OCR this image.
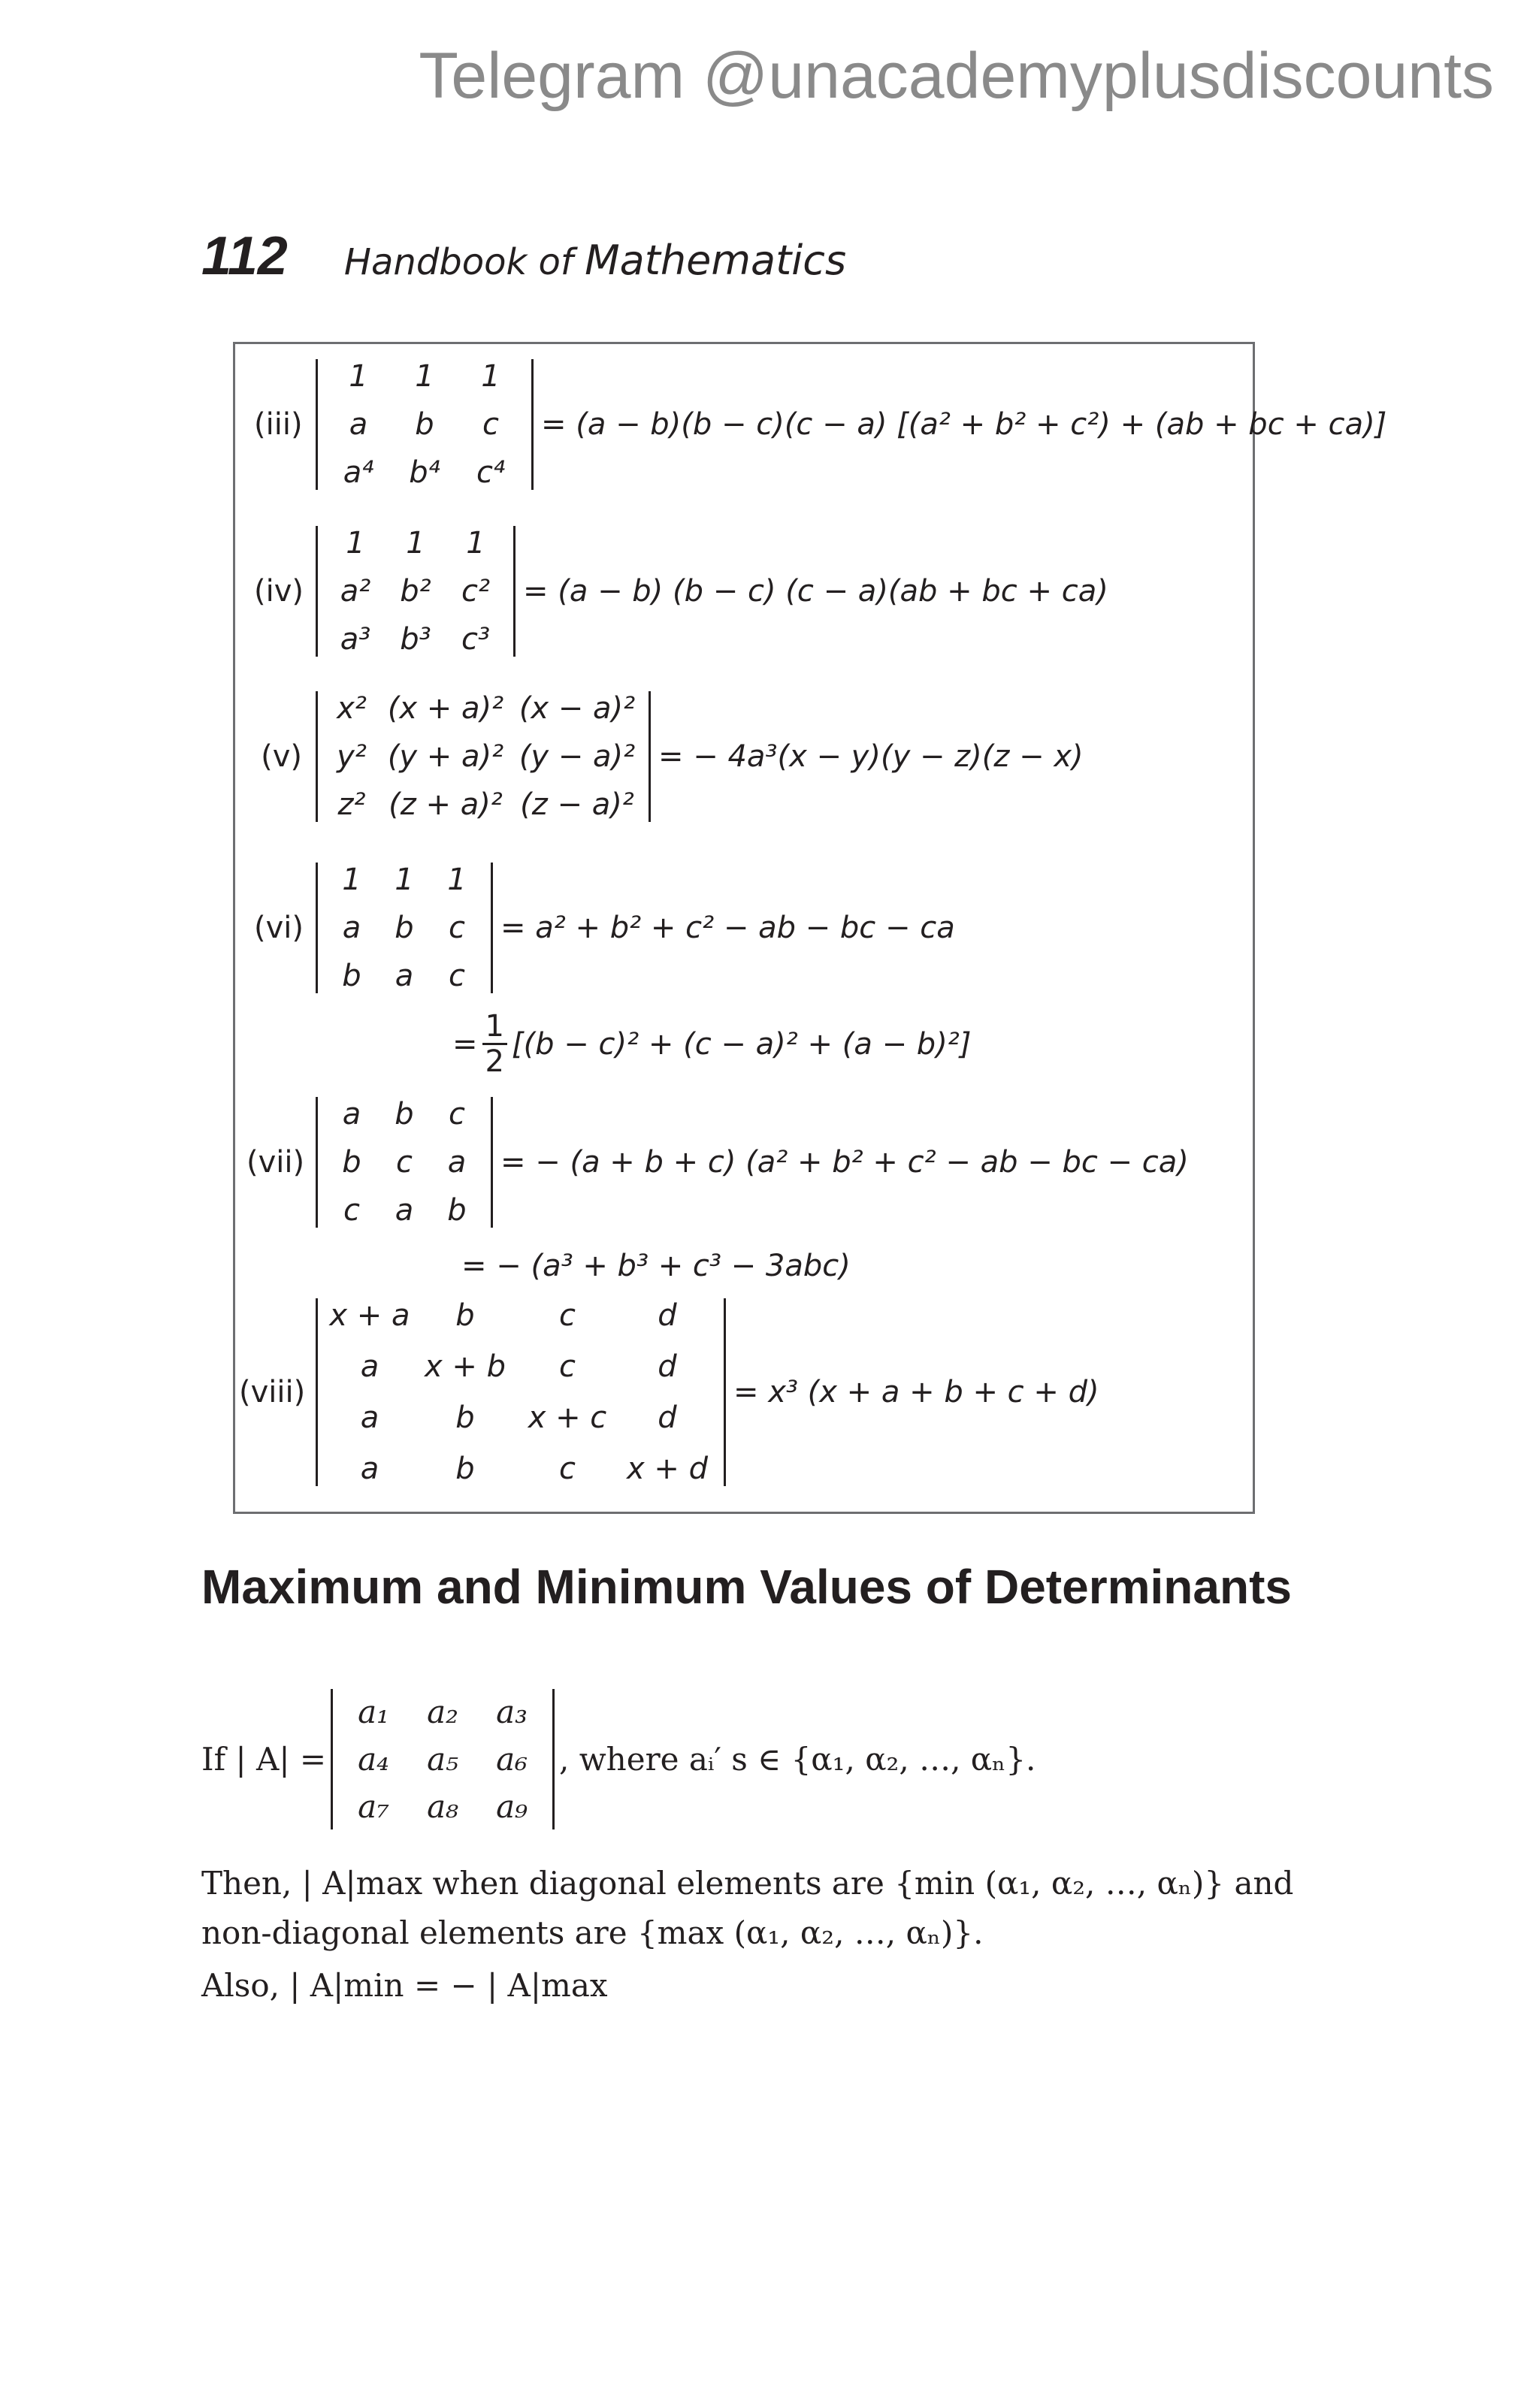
Telegram @unacademyplusdiscounts
112 Handbook of Mathematics
(iii)
1	1	1
a	b	c
a⁴	b⁴	c⁴
= (a − b)(b − c)(c − a) [(a² + b² + c²) + (ab + bc + ca)]
(iv)
1	1	1
a² b²	c²
a³ b³	c³
= (a − b) (b − c) (c − a)(ab + bc + ca)
(v)
x² (x + a)² (x − a)²
y² (y + a)² (y − a)²
z² (z + a)² (z − a)²
= − 4a³(x − y)(y − z)(z − x)
(vi)
1	1	1
a	b	c
b	a	c
= a² + b² + c² − ab − bc − ca
= $\frac{1}{2} [(b - c)^2 + (c - a)^2 + (a - b)^2]$
(vii)
a	b	c
b	c	a
c	a	b
= − (a + b + c) (a² + b² + c² − ab − bc − ca)
= − (a³ + b³ + c³ − 3abc)
(viii)
x + a	b	c	d
a	x + b	c	d
a	b	x + c	d
a	b	c	x + d
= x³ (x + a + b + c + d)
Maximum and Minimum Values of Determinants
If | A| =
a₁	a₂	a₃
a₄	a₅	a₆
a₇	a₈	a₉
, where aᵢ′ s ∈ {α₁, α₂, …, αₙ}.
Then, | A|max when diagonal elements are {min (α₁, α₂, …, αₙ)} and
non-diagonal elements are {max (α₁, α₂, …, αₙ)}.
Also, | A|min = − | A|max
